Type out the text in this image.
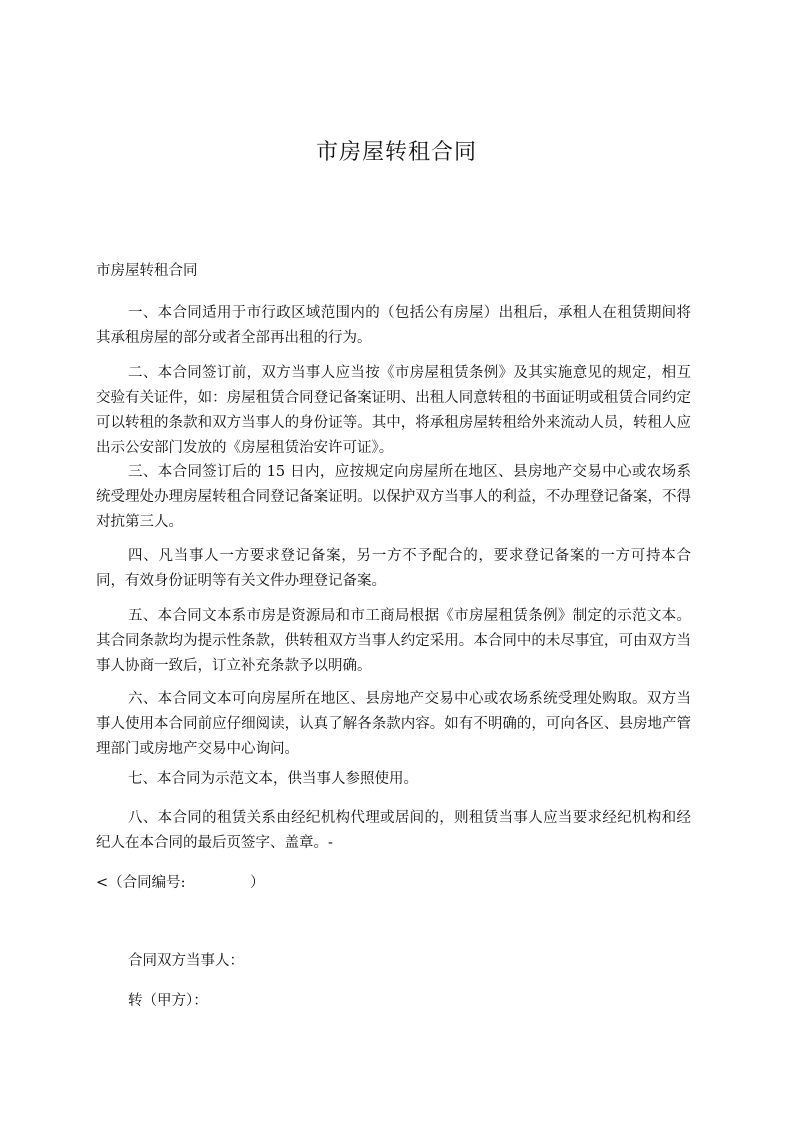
市房屋转租合同
市房屋转租合同

一、本合同适用于市行政区域范围内的（包括公有房屋）出租后，承租人在租赁期间将其承租房屋的部分或者全部再出租的行为。

二、本合同签订前，双方当事人应当按《市房屋租赁条例》及其实施意见的规定，相互交验有关证件，如：房屋租赁合同登记备案证明、出租人同意转租的书面证明或租赁合同约定可以转租的条款和双方当事人的身份证等。其中，将承租房屋转租给外来流动人员，转租人应出示公安部门发放的《房屋租赁治安许可证》。

三、本合同签订后的 15 日内，应按规定向房屋所在地区、县房地产交易中心或农场系统受理处办理房屋转租合同登记备案证明。以保护双方当事人的利益，不办理登记备案，不得对抗第三人。

四、凡当事人一方要求登记备案，另一方不予配合的，要求登记备案的一方可持本合同，有效身份证明等有关文件办理登记备案。

五、本合同文本系市房是资源局和市工商局根据《市房屋租赁条例》制定的示范文本。其合同条款均为提示性条款，供转租双方当事人约定采用。本合同中的未尽事宜，可由双方当事人协商一致后，订立补充条款予以明确。

六、本合同文本可向房屋所在地区、县房地产交易中心或农场系统受理处购取。双方当事人使用本合同前应仔细阅读，认真了解各条款内容。如有不明确的，可向各区、县房地产管理部门或房地产交易中心询问。

七、本合同为示范文本，供当事人参照使用。

八、本合同的租赁关系由经纪机构代理或居间的，则租赁当事人应当要求经纪机构和经纪人在本合同的最后页签字、盖章。-

<（合同编号:              ）
合同双方当事人：
转（甲方）：
